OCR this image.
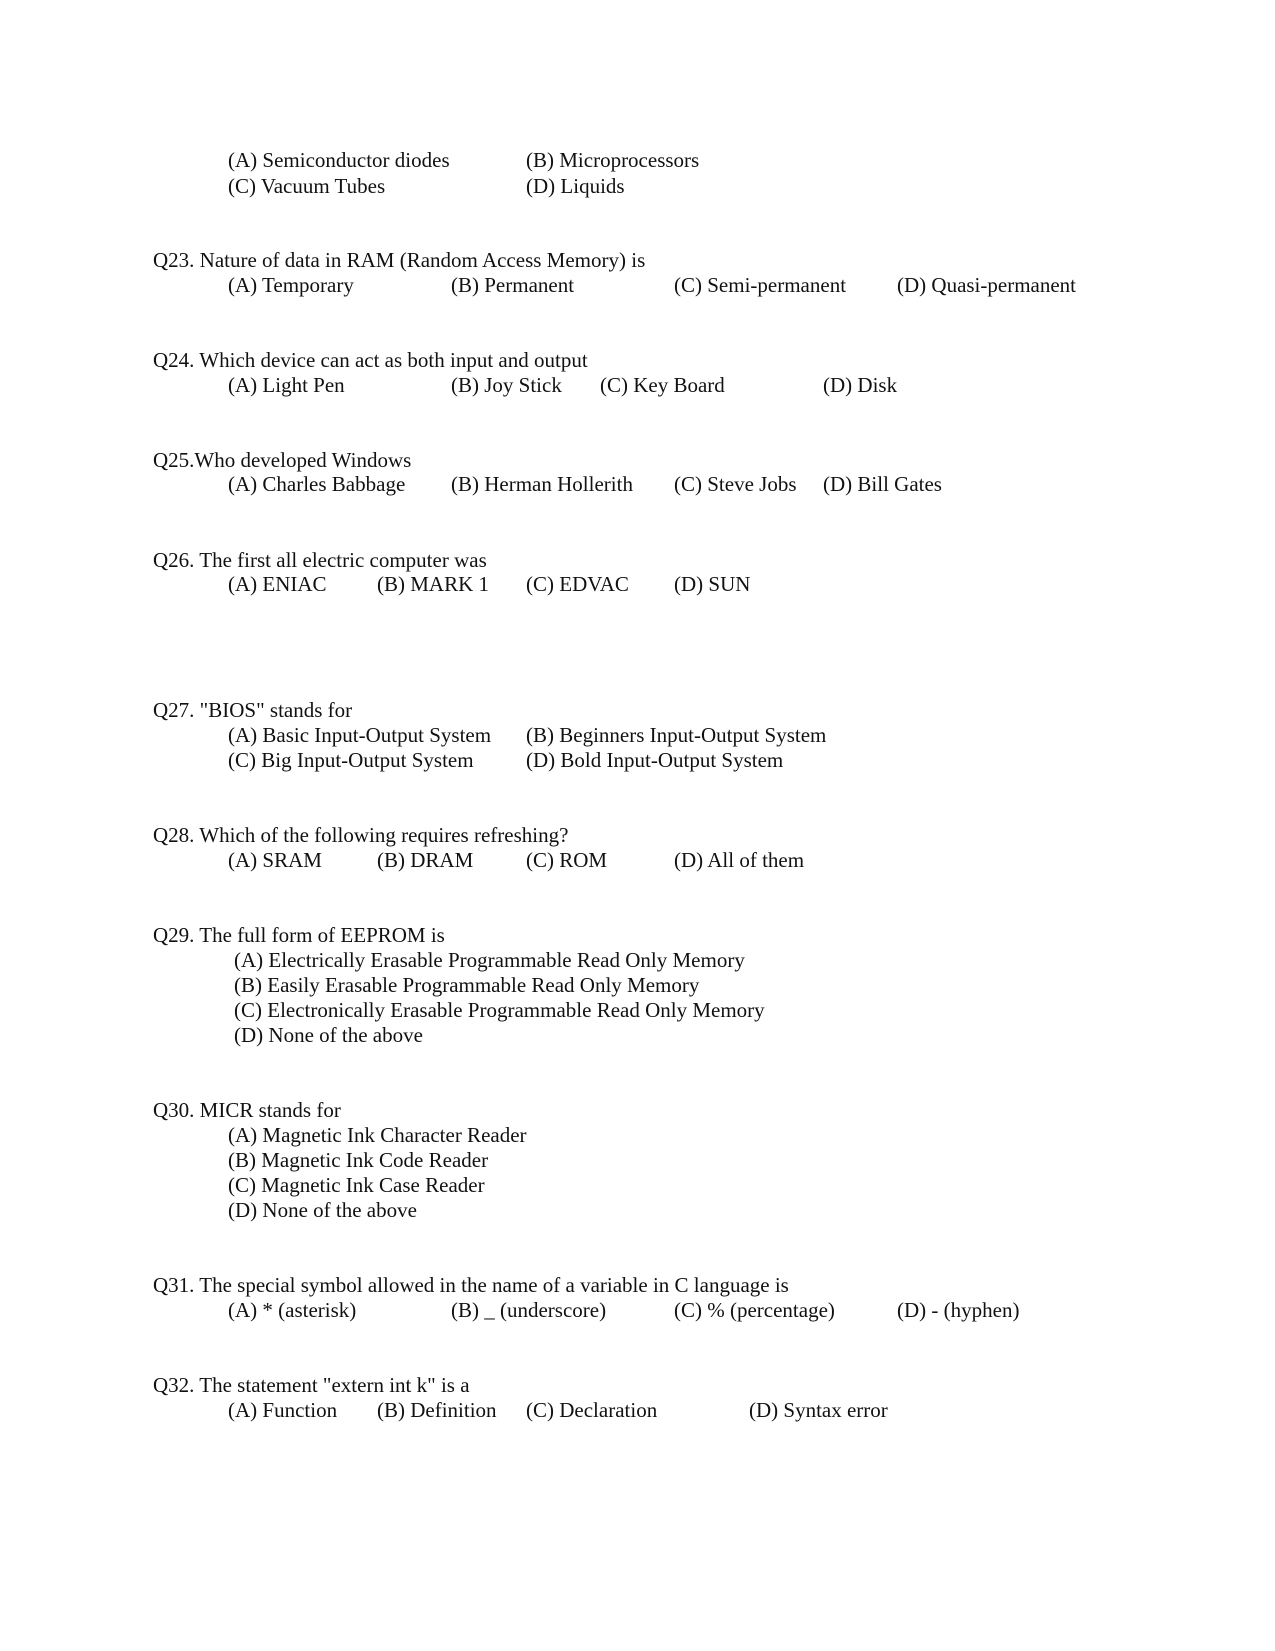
(A) Semiconductor diodes	(B) Microprocessors
(C) Vacuum Tubes	(D) Liquids
Q23. Nature of data in RAM (Random Access Memory) is
(A) Temporary	(B) Permanent	(C) Semi-permanent (D) Quasi-permanent
Q24. Which device can act as both input and output
(A) Light Pen	(B) Joy Stick (C) Key Board	(D) Disk
Q25.Who developed Windows
(A) Charles Babbage (B) Herman Hollerith (C) Steve Jobs (D) Bill Gates
Q26. The first all electric computer was
(A) ENIAC (B) MARK 1 (C) EDVAC (D) SUN
Q27. "BIOS" stands for
(A) Basic Input-Output System (B) Beginners Input-Output System
(C) Big Input-Output System (D) Bold Input-Output System
Q28. Which of the following requires refreshing?
(A) SRAM	(B) DRAM	(C) ROM	(D) All of them
Q29. The full form of EEPROM is
(A) Electrically Erasable Programmable Read Only Memory
(B) Easily Erasable Programmable Read Only Memory
(C) Electronically Erasable Programmable Read Only Memory
(D) None of the above
Q30. MICR stands for
(A) Magnetic Ink Character Reader
(B) Magnetic Ink Code Reader
(C) Magnetic Ink Case Reader
(D) None of the above
Q31. The special symbol allowed in the name of a variable in C language is
(A) * (asterisk)	(B) _ (underscore)	(C) % (percentage)	(D) - (hyphen)
Q32. The statement "extern int k" is a
(A) Function (B) Definition (C) Declaration	(D) Syntax error
